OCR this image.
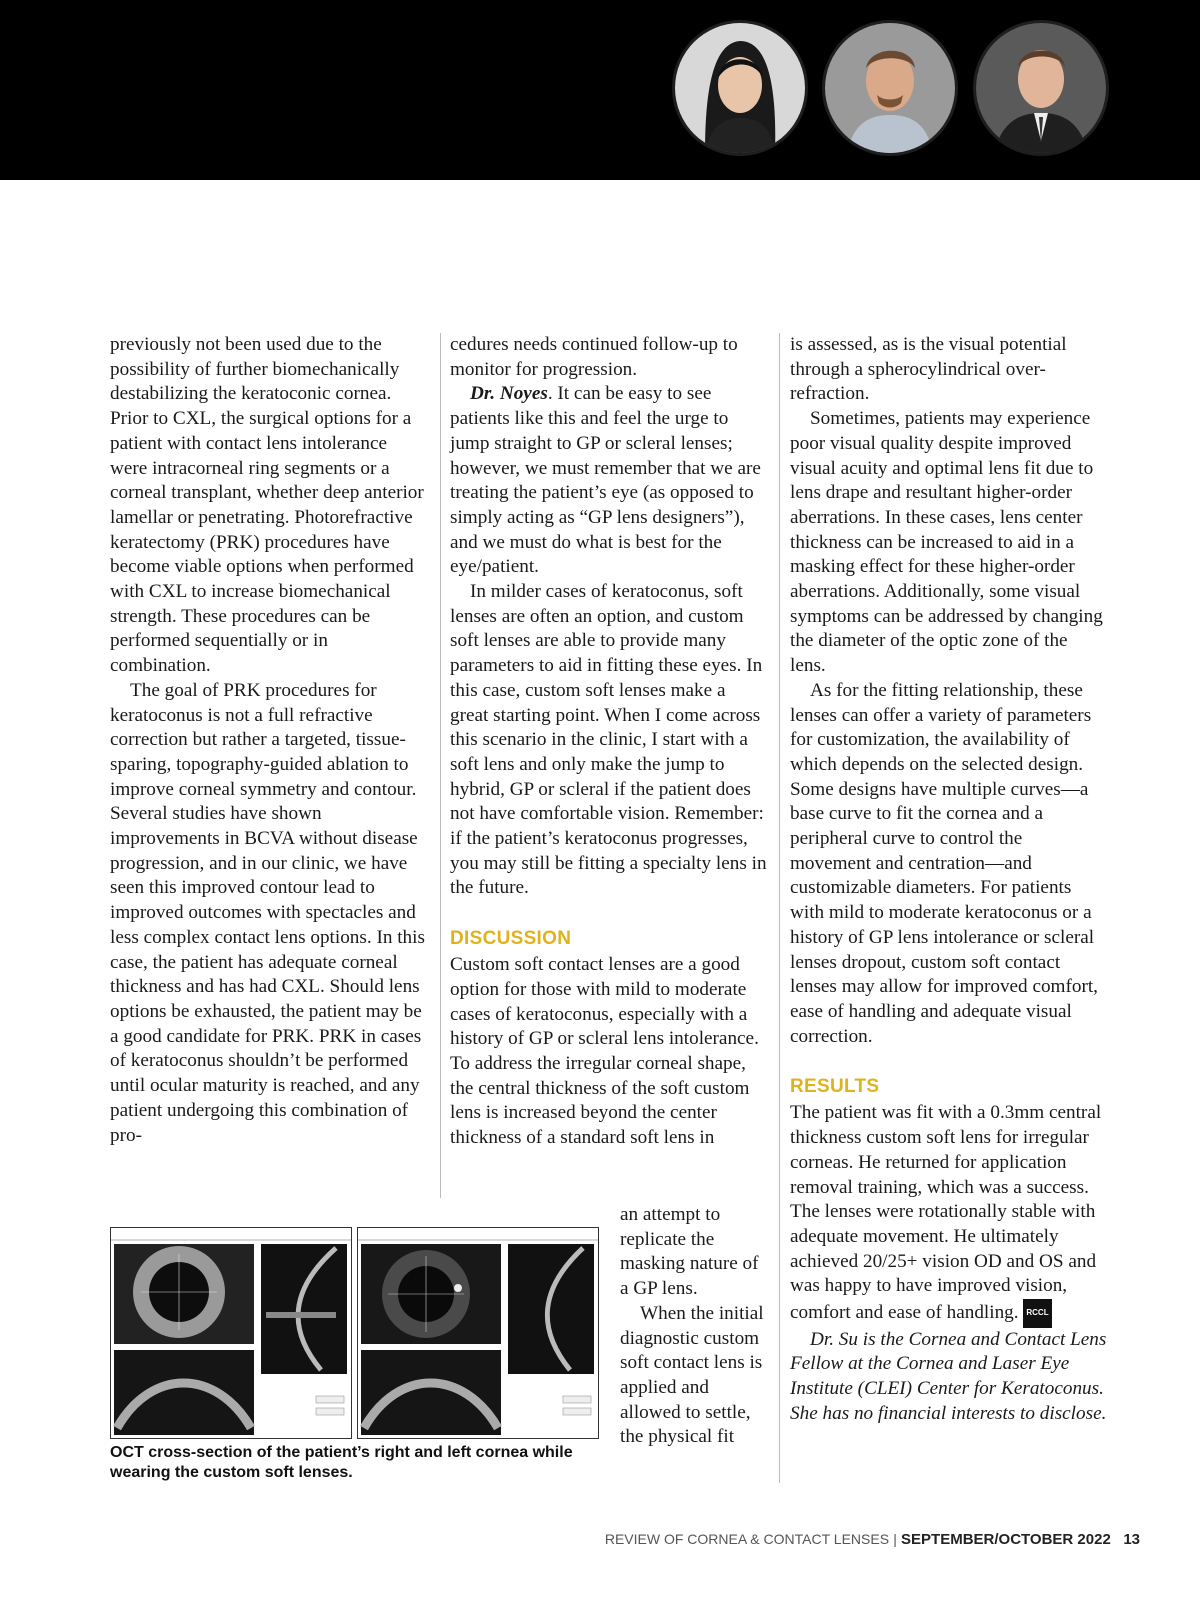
previously not been used due to the possibility of further biomechanically destabilizing the keratoconic cornea. Prior to CXL, the surgical options for a patient with contact lens intolerance were intracorneal ring segments or a corneal transplant, whether deep anterior lamellar or penetrating. Photorefractive keratectomy (PRK) procedures have become viable options when performed with CXL to increase biomechanical strength. These procedures can be performed sequentially or in combination.

The goal of PRK procedures for keratoconus is not a full refractive correction but rather a targeted, tissue-sparing, topography-guided ablation to improve corneal symmetry and contour. Several studies have shown improvements in BCVA without disease progression, and in our clinic, we have seen this improved contour lead to improved outcomes with spectacles and less complex contact lens options. In this case, the patient has adequate corneal thickness and has had CXL. Should lens options be exhausted, the patient may be a good candidate for PRK. PRK in cases of keratoconus shouldn’t be performed until ocular maturity is reached, and any patient undergoing this combination of pro-

cedures needs continued follow-up to monitor for progression.

Dr. Noyes. It can be easy to see patients like this and feel the urge to jump straight to GP or scleral lenses; however, we must remember that we are treating the patient’s eye (as opposed to simply acting as “GP lens designers”), and we must do what is best for the eye/patient.

In milder cases of keratoconus, soft lenses are often an option, and custom soft lenses are able to provide many parameters to aid in fitting these eyes. In this case, custom soft lenses make a great starting point. When I come across this scenario in the clinic, I start with a soft lens and only make the jump to hybrid, GP or scleral if the patient does not have comfortable vision. Remember: if the patient’s keratoconus progresses, you may still be fitting a specialty lens in the future.

DISCUSSION

Custom soft contact lenses are a good option for those with mild to moderate cases of keratoconus, especially with a history of GP or scleral lens intolerance. To address the irregular corneal shape, the central thickness of the soft custom lens is increased beyond the center thickness of a standard soft lens in

an attempt to replicate the masking nature of a GP lens.

When the initial diagnostic custom soft contact lens is applied and allowed to settle, the physical fit

is assessed, as is the visual potential through a spherocylindrical over-refraction.

Sometimes, patients may experience poor visual quality despite improved visual acuity and optimal lens fit due to lens drape and resultant higher-order aberrations. In these cases, lens center thickness can be increased to aid in a masking effect for these higher-order aberrations. Additionally, some visual symptoms can be addressed by changing the diameter of the optic zone of the lens.

As for the fitting relationship, these lenses can offer a variety of parameters for customization, the availability of which depends on the selected design. Some designs have multiple curves—a base curve to fit the cornea and a peripheral curve to control the movement and centration—and customizable diameters. For patients with mild to moderate keratoconus or a history of GP lens intolerance or scleral lenses dropout, custom soft contact lenses may allow for improved comfort, ease of handling and adequate visual correction.

RESULTS

The patient was fit with a 0.3mm central thickness custom soft lens for irregular corneas. He returned for application removal training, which was a success. The lenses were rotationally stable with adequate movement. He ultimately achieved 20/25+ vision OD and OS and was happy to have improved vision, comfort and ease of handling. RCCL

Dr. Su is the Cornea and Contact Lens Fellow at the Cornea and Laser Eye Institute (CLEI) Center for Keratoconus. She has no financial interests to disclose.

OCT cross-section of the patient’s right and left cornea while wearing the custom soft lenses.
REVIEW OF CORNEA & CONTACT LENSES | SEPTEMBER/OCTOBER 2022 13
